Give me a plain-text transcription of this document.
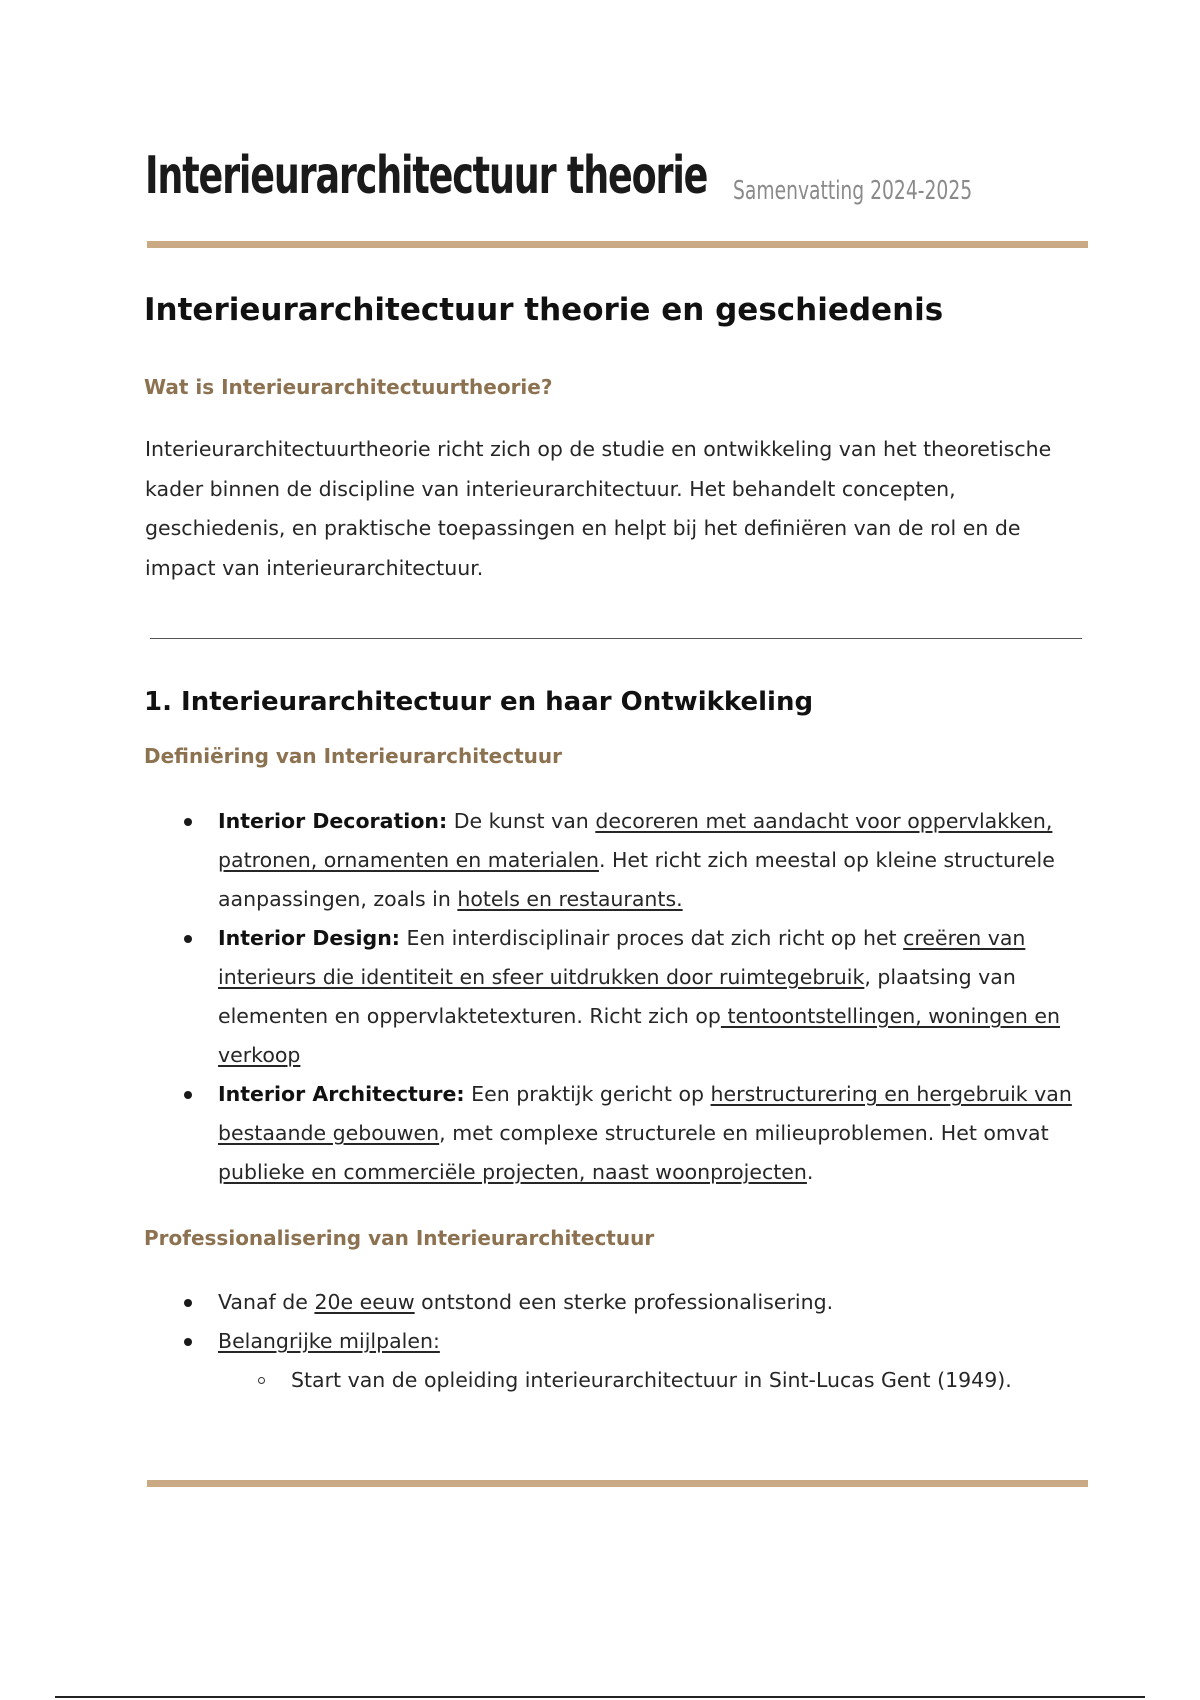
Interieurarchitectuur theorie Samenvatting 2024-2025
Interieurarchitectuur theorie en geschiedenis
Wat is Interieurarchitectuurtheorie?
Interieurarchitectuurtheorie richt zich op de studie en ontwikkeling van het theoretische kader binnen de discipline van interieurarchitectuur. Het behandelt concepten, geschiedenis, en praktische toepassingen en helpt bij het definiëren van de rol en de impact van interieurarchitectuur.
1. Interieurarchitectuur en haar Ontwikkeling
Definiëring van Interieurarchitectuur
Interior Decoration: De kunst van decoreren met aandacht voor oppervlakken, patronen, ornamenten en materialen. Het richt zich meestal op kleine structurele aanpassingen, zoals in hotels en restaurants.
Interior Design: Een interdisciplinair proces dat zich richt op het creëren van interieurs die identiteit en sfeer uitdrukken door ruimtegebruik, plaatsing van elementen en oppervlaktetexturen. Richt zich op tentoontstellingen, woningen en verkoop
Interior Architecture: Een praktijk gericht op herstructurering en hergebruik van bestaande gebouwen, met complexe structurele en milieuproblemen. Het omvat publieke en commerciële projecten, naast woonprojecten.
Professionalisering van Interieurarchitectuur
Vanaf de 20e eeuw ontstond een sterke professionalisering.
Belangrijke mijlpalen:
Start van de opleiding interieurarchitectuur in Sint-Lucas Gent (1949).
